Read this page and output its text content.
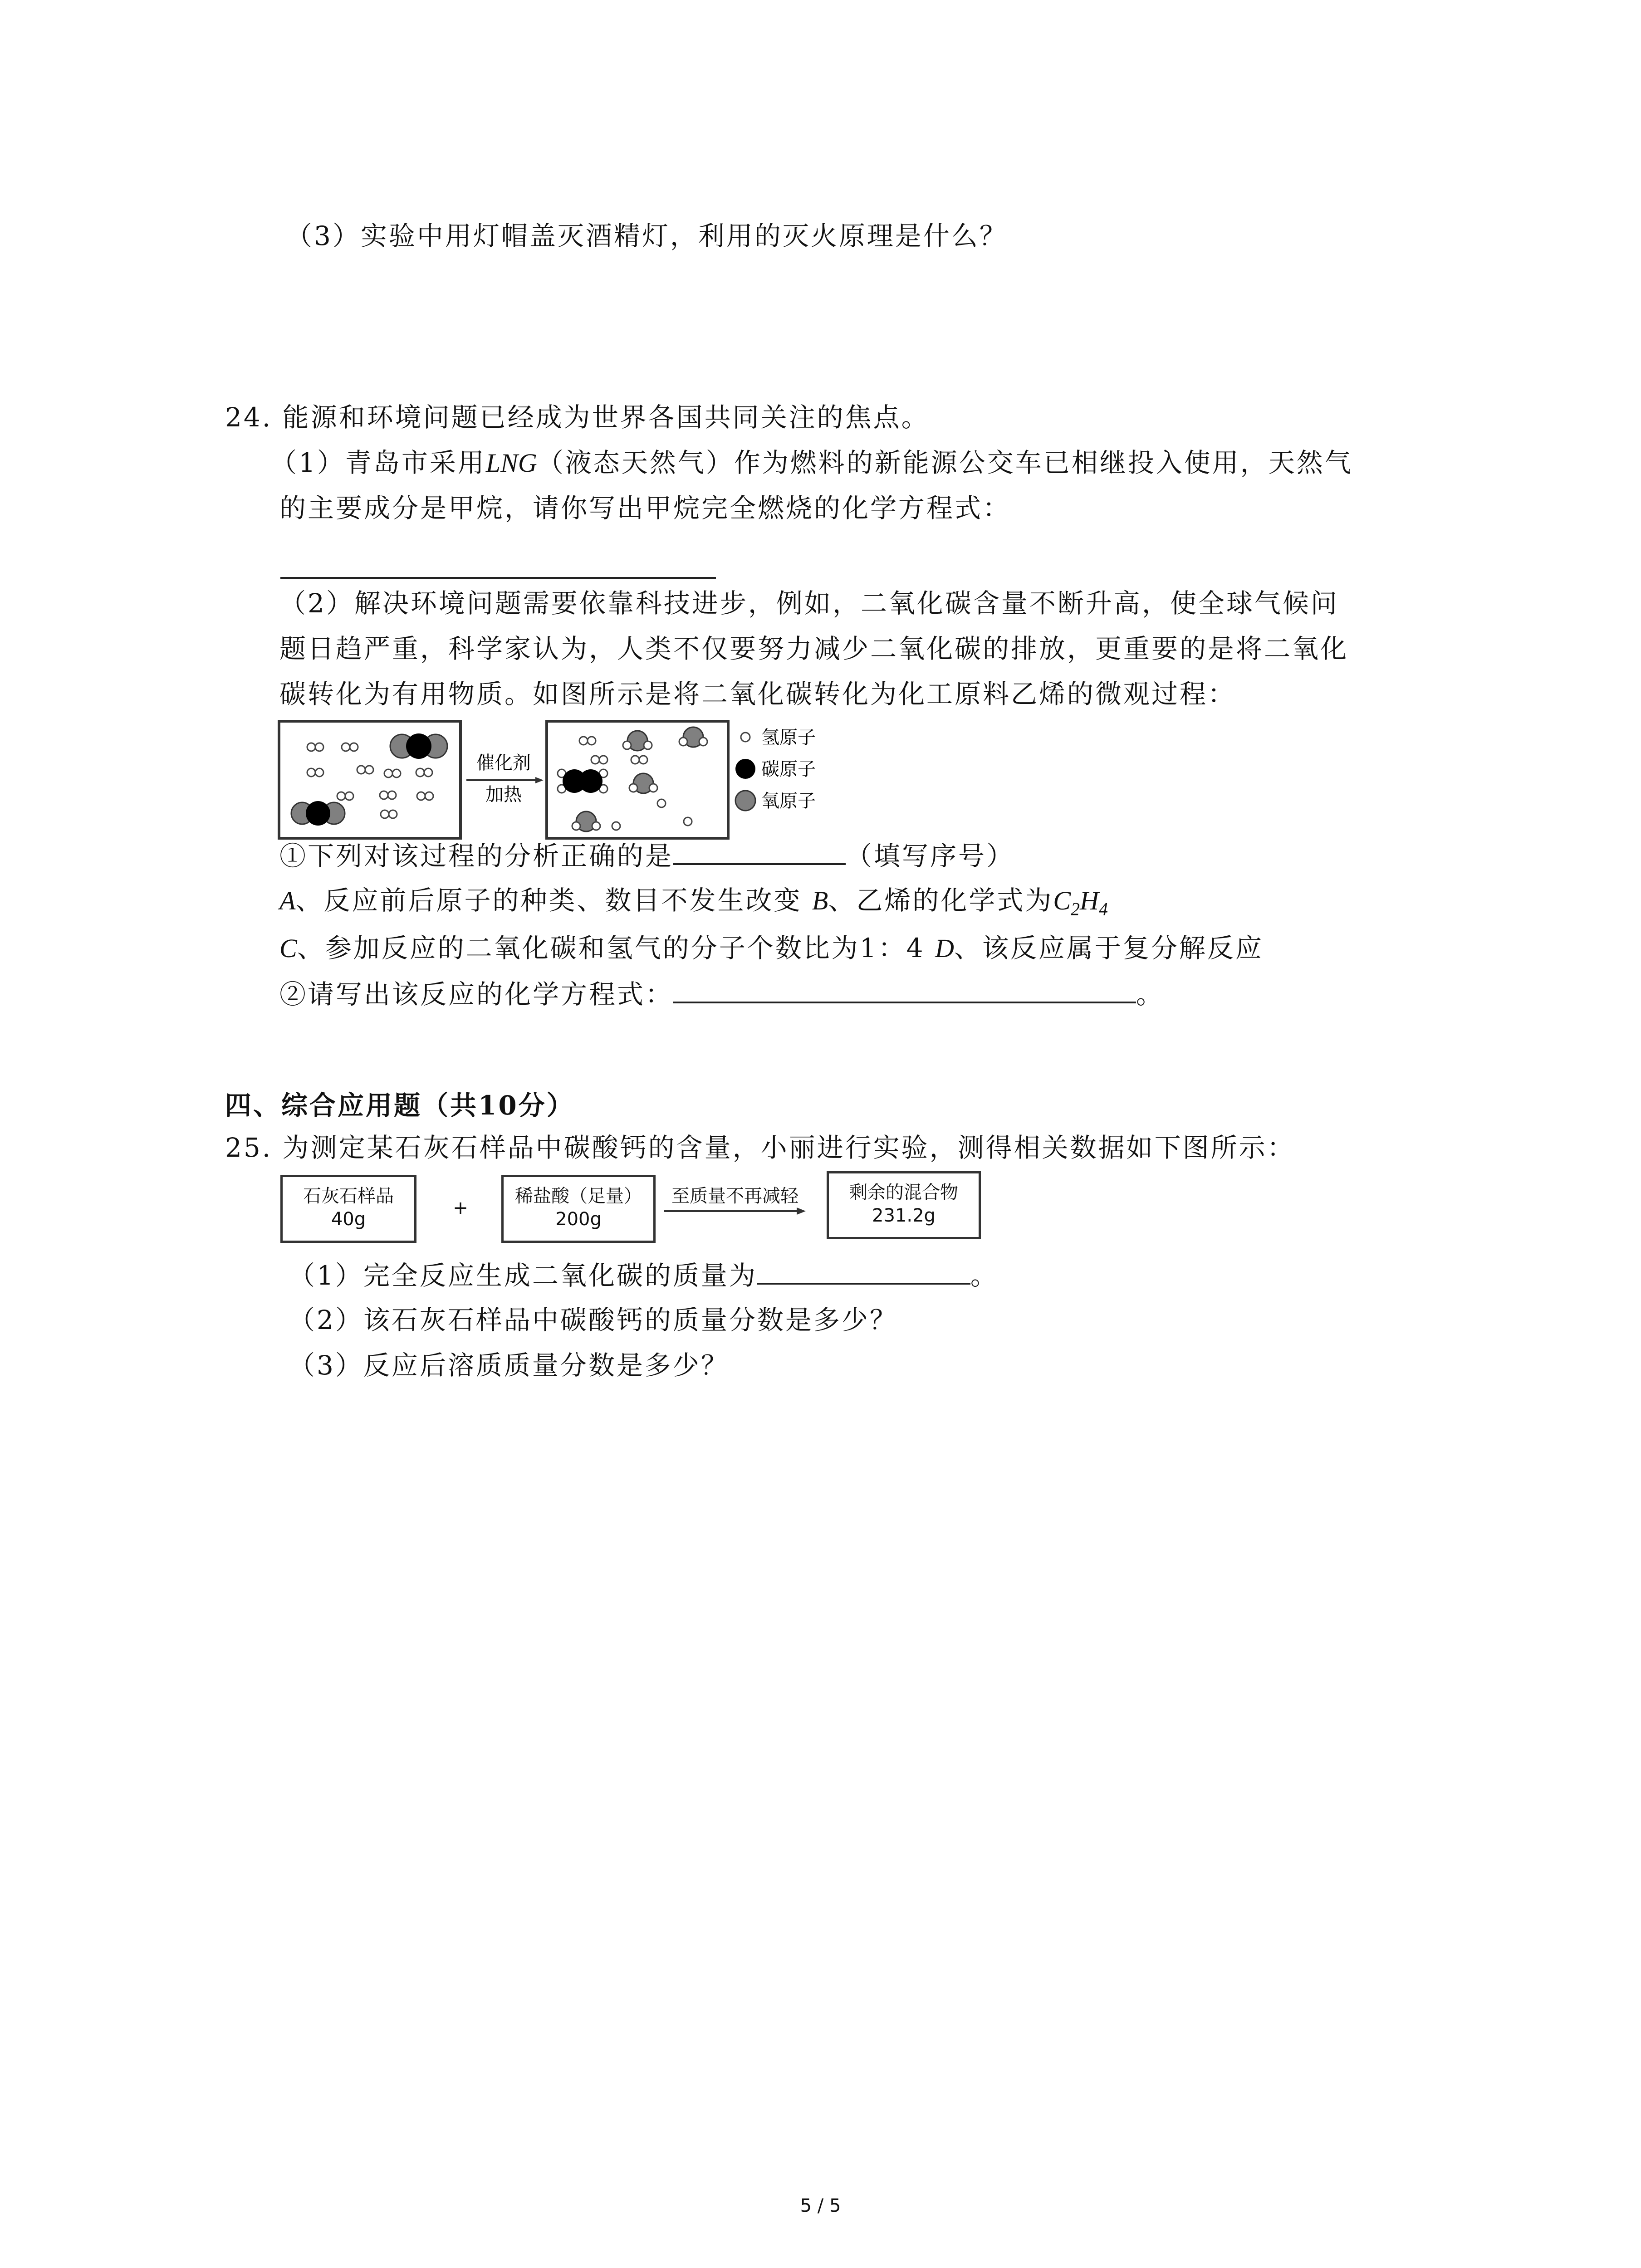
（3）实验中用灯帽盖灭酒精灯，利用的灭火原理是什么？
24. 能源和环境问题已经成为世界各国共同关注的焦点。
（1）青岛市采用LNG（液态天然气）作为燃料的新能源公交车已相继投入使用，天然气
的主要成分是甲烷，请你写出甲烷完全燃烧的化学方程式：
（2）解决环境问题需要依靠科技进步，例如，二氧化碳含量不断升高，使全球气候问
题日趋严重，科学家认为，人类不仅要努力减少二氧化碳的排放，更重要的是将二氧化
碳转化为有用物质。如图所示是将二氧化碳转化为化工原料乙烯的微观过程：
催化剂
加热
氢原子
碳原子
氧原子
①下列对该过程的分析正确的是	（填写序号）
A、反应前后原子的种类、数目不发生改变 B、乙烯的化学式为$C_2H_4$
C、参加反应的二氧化碳和氢气的分子个数比为1：4 D、该反应属于复分解反应
②请写出该反应的化学方程式：	。
四、综合应用题（共10分）
25. 为测定某石灰石样品中碳酸钙的含量，小丽进行实验，测得相关数据如下图所示：
石灰石样品
40g
+
稀盐酸（足量）
200g
至质量不再减轻	剩余的混合物
231.2g
（1）完全反应生成二氧化碳的质量为	。
（2）该石灰石样品中碳酸钙的质量分数是多少？
（3）反应后溶质质量分数是多少？
5 / 5
